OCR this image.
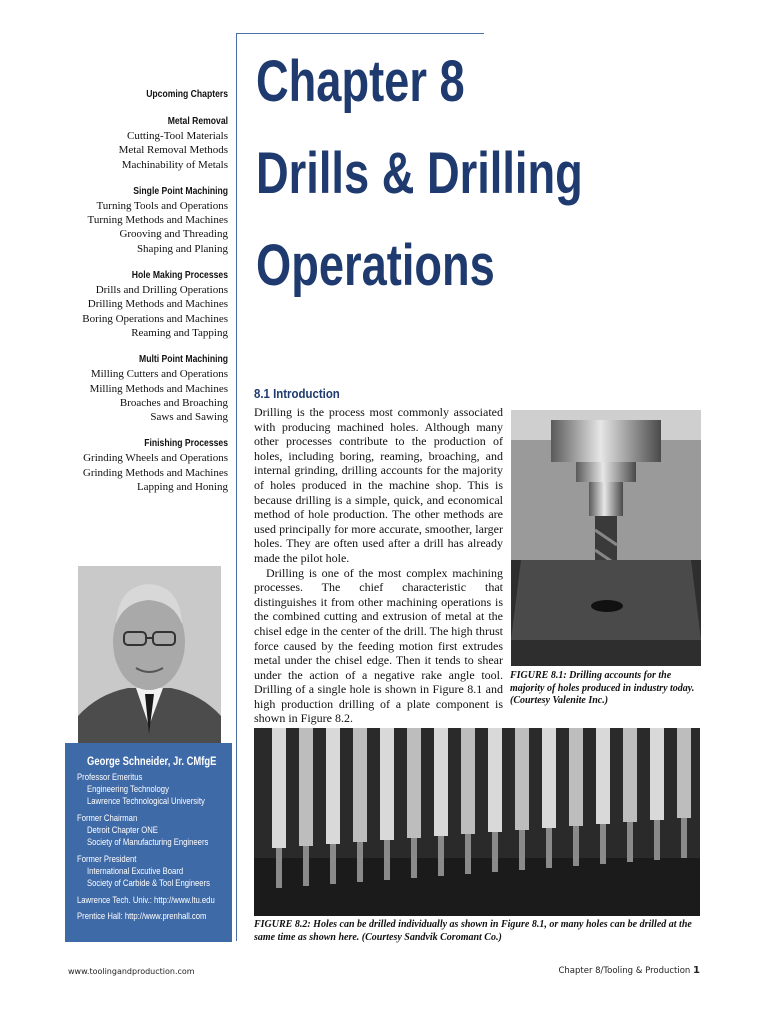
Upcoming Chapters
Metal Removal
Cutting-Tool Materials
Metal Removal Methods
Machinability of Metals
Single Point Machining
Turning Tools and Operations
Turning Methods and Machines
Grooving and Threading
Shaping and Planing
Hole Making Processes
Drills and Drilling Operations
Drilling Methods and Machines
Boring Operations and Machines
Reaming and Tapping
Multi Point Machining
Milling Cutters and Operations
Milling Methods and Machines
Broaches and Broaching
Saws and Sawing
Finishing Processes
Grinding Wheels and Operations
Grinding Methods and Machines
Lapping and Honing
Chapter 8
Drills & Drilling
Operations
George Schneider, Jr. CMfgE
Professor Emeritus
Engineering Technology
Lawrence Technological University
Former Chairman
Detroit Chapter ONE
Society of Manufacturing Engineers
Former President
International Excutive Board
Society of Carbide & Tool Engineers
Lawrence Tech. Univ.: http://www.ltu.edu
Prentice Hall: http://www.prenhall.com
8.1 Introduction

Drilling is the process most commonly associated with producing machined holes. Although many other processes contribute to the production of holes, including boring, reaming, broaching, and internal grinding, drilling accounts for the majority of holes produced in the machine shop. This is because drilling is a simple, quick, and economical method of hole production. The other methods are used principally for more accurate, smoother, larger holes. They are often used after a drill has already made the pilot hole.

Drilling is one of the most complex machining processes. The chief characteristic that distinguishes it from other machining operations is the combined cutting and extrusion of metal at the chisel edge in the center of the drill. The high thrust force caused by the feeding motion first extrudes metal under the chisel edge. Then it tends to shear under the action of a negative rake angle tool. Drilling of a single hole is shown in Figure 8.1 and high production drilling of a plate component is shown in Figure 8.2.

FIGURE 8.1: Drilling accounts for the majority of holes produced in industry today. (Courtesy Valenite Inc.)
FIGURE 8.2: Holes can be drilled individually as shown in Figure 8.1, or many holes can be drilled at the same time as shown here. (Courtesy Sandvik Coromant Co.)
www.toolingandproduction.com	Chapter 8/Tooling & Production 1
